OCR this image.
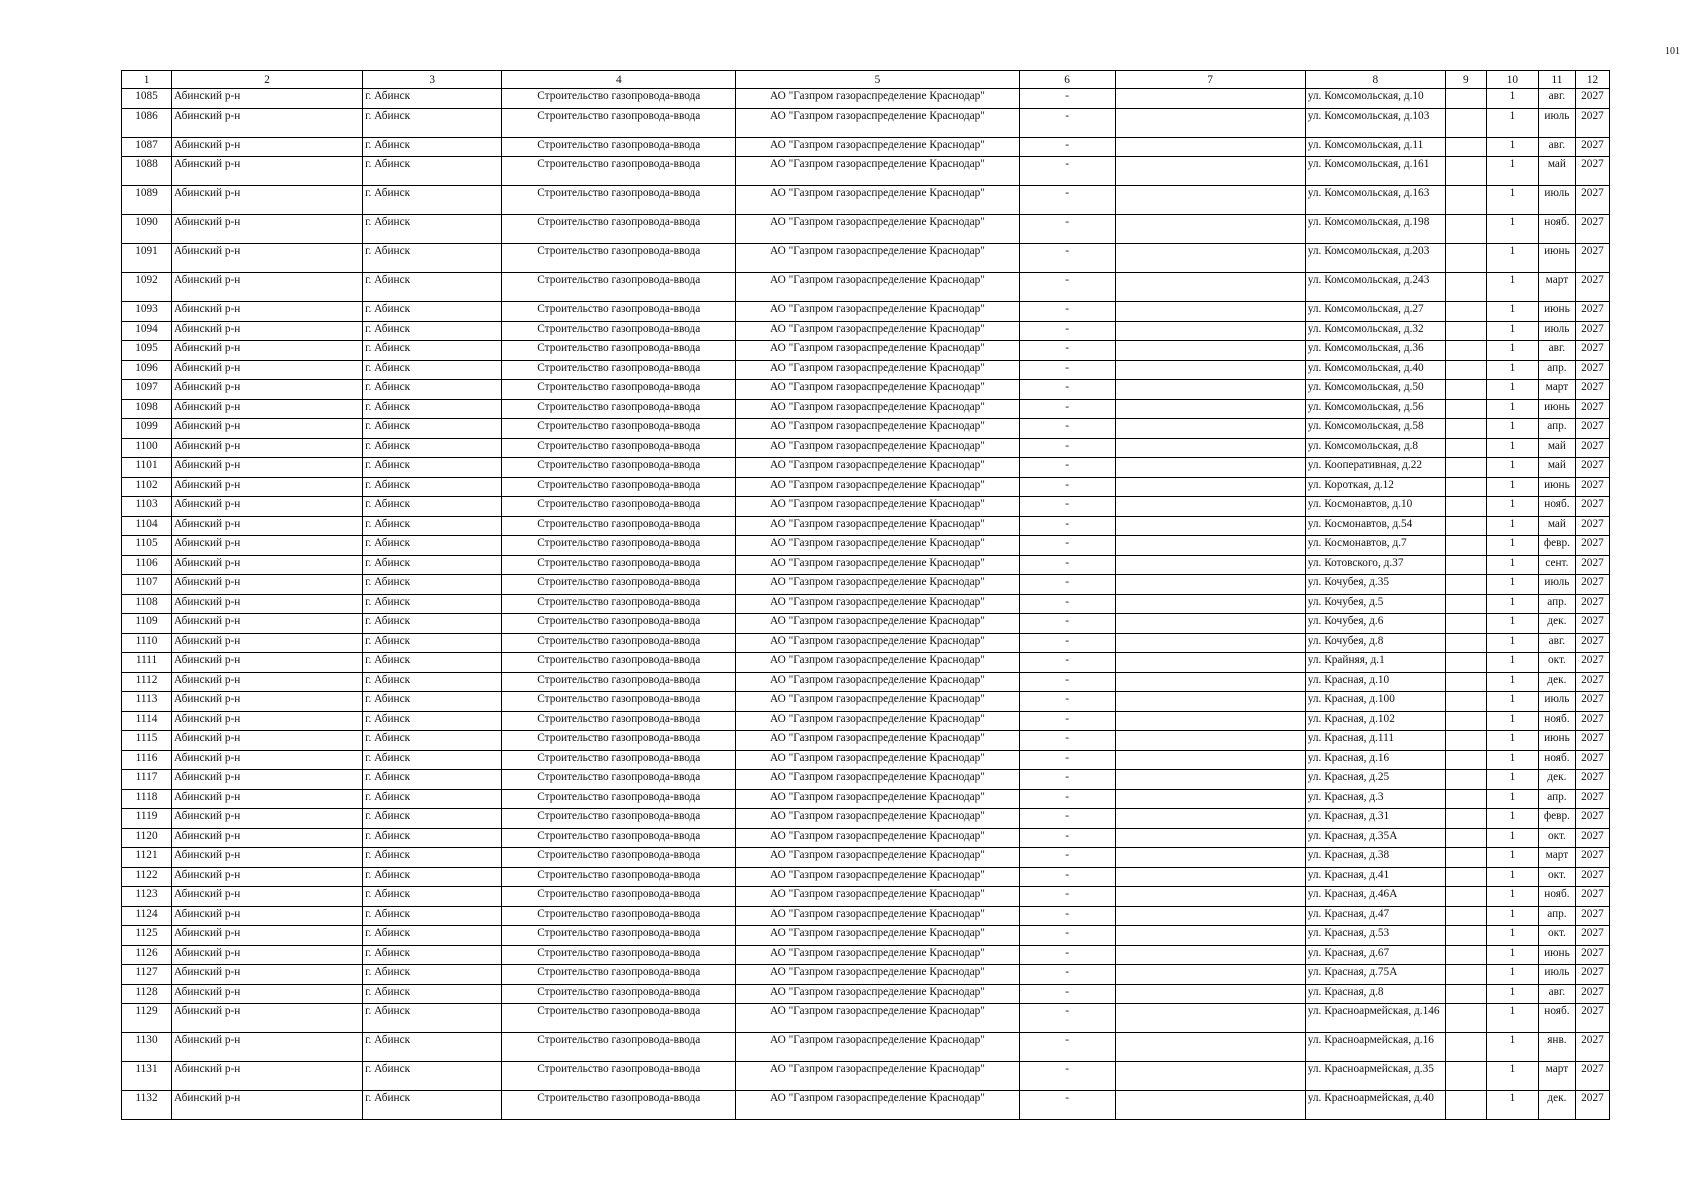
101
1	2	3	4	5	6	7	8	9	10	11	12
1085	Абинский р-н	г. Абинск	Строительство газопровода-ввода	АО "Газпром газораспределение Краснодар"	-		ул. Комсомольская, д.10		1	авг.	2027
1086	Абинский р-н	г. Абинск	Строительство газопровода-ввода	АО "Газпром газораспределение Краснодар"	-		ул. Комсомольская, д.103		1	июль	2027
1087	Абинский р-н	г. Абинск	Строительство газопровода-ввода	АО "Газпром газораспределение Краснодар"	-		ул. Комсомольская, д.11		1	авг.	2027
1088	Абинский р-н	г. Абинск	Строительство газопровода-ввода	АО "Газпром газораспределение Краснодар"	-		ул. Комсомольская, д.161		1	май	2027
1089	Абинский р-н	г. Абинск	Строительство газопровода-ввода	АО "Газпром газораспределение Краснодар"	-		ул. Комсомольская, д.163		1	июль	2027
1090	Абинский р-н	г. Абинск	Строительство газопровода-ввода	АО "Газпром газораспределение Краснодар"	-		ул. Комсомольская, д.198		1	нояб.	2027
1091	Абинский р-н	г. Абинск	Строительство газопровода-ввода	АО "Газпром газораспределение Краснодар"	-		ул. Комсомольская, д.203		1	июнь	2027
1092	Абинский р-н	г. Абинск	Строительство газопровода-ввода	АО "Газпром газораспределение Краснодар"	-		ул. Комсомольская, д.243		1	март	2027
1093	Абинский р-н	г. Абинск	Строительство газопровода-ввода	АО "Газпром газораспределение Краснодар"	-		ул. Комсомольская, д.27		1	июнь	2027
1094	Абинский р-н	г. Абинск	Строительство газопровода-ввода	АО "Газпром газораспределение Краснодар"	-		ул. Комсомольская, д.32		1	июль	2027
1095	Абинский р-н	г. Абинск	Строительство газопровода-ввода	АО "Газпром газораспределение Краснодар"	-		ул. Комсомольская, д.36		1	авг.	2027
1096	Абинский р-н	г. Абинск	Строительство газопровода-ввода	АО "Газпром газораспределение Краснодар"	-		ул. Комсомольская, д.40		1	апр.	2027
1097	Абинский р-н	г. Абинск	Строительство газопровода-ввода	АО "Газпром газораспределение Краснодар"	-		ул. Комсомольская, д.50		1	март	2027
1098	Абинский р-н	г. Абинск	Строительство газопровода-ввода	АО "Газпром газораспределение Краснодар"	-		ул. Комсомольская, д.56		1	июнь	2027
1099	Абинский р-н	г. Абинск	Строительство газопровода-ввода	АО "Газпром газораспределение Краснодар"	-		ул. Комсомольская, д.58		1	апр.	2027
1100	Абинский р-н	г. Абинск	Строительство газопровода-ввода	АО "Газпром газораспределение Краснодар"	-		ул. Комсомольская, д.8		1	май	2027
1101	Абинский р-н	г. Абинск	Строительство газопровода-ввода	АО "Газпром газораспределение Краснодар"	-		ул. Кооперативная, д.22		1	май	2027
1102	Абинский р-н	г. Абинск	Строительство газопровода-ввода	АО "Газпром газораспределение Краснодар"	-		ул. Короткая, д.12		1	июнь	2027
1103	Абинский р-н	г. Абинск	Строительство газопровода-ввода	АО "Газпром газораспределение Краснодар"	-		ул. Космонавтов, д.10		1	нояб.	2027
1104	Абинский р-н	г. Абинск	Строительство газопровода-ввода	АО "Газпром газораспределение Краснодар"	-		ул. Космонавтов, д.54		1	май	2027
1105	Абинский р-н	г. Абинск	Строительство газопровода-ввода	АО "Газпром газораспределение Краснодар"	-		ул. Космонавтов, д.7		1	февр.	2027
1106	Абинский р-н	г. Абинск	Строительство газопровода-ввода	АО "Газпром газораспределение Краснодар"	-		ул. Котовского, д.37		1	сент.	2027
1107	Абинский р-н	г. Абинск	Строительство газопровода-ввода	АО "Газпром газораспределение Краснодар"	-		ул. Кочубея, д.35		1	июль	2027
1108	Абинский р-н	г. Абинск	Строительство газопровода-ввода	АО "Газпром газораспределение Краснодар"	-		ул. Кочубея, д.5		1	апр.	2027
1109	Абинский р-н	г. Абинск	Строительство газопровода-ввода	АО "Газпром газораспределение Краснодар"	-		ул. Кочубея, д.6		1	дек.	2027
1110	Абинский р-н	г. Абинск	Строительство газопровода-ввода	АО "Газпром газораспределение Краснодар"	-		ул. Кочубея, д.8		1	авг.	2027
1111	Абинский р-н	г. Абинск	Строительство газопровода-ввода	АО "Газпром газораспределение Краснодар"	-		ул. Крайняя, д.1		1	окт.	2027
1112	Абинский р-н	г. Абинск	Строительство газопровода-ввода	АО "Газпром газораспределение Краснодар"	-		ул. Красная, д.10		1	дек.	2027
1113	Абинский р-н	г. Абинск	Строительство газопровода-ввода	АО "Газпром газораспределение Краснодар"	-		ул. Красная, д.100		1	июль	2027
1114	Абинский р-н	г. Абинск	Строительство газопровода-ввода	АО "Газпром газораспределение Краснодар"	-		ул. Красная, д.102		1	нояб.	2027
1115	Абинский р-н	г. Абинск	Строительство газопровода-ввода	АО "Газпром газораспределение Краснодар"	-		ул. Красная, д.111		1	июнь	2027
1116	Абинский р-н	г. Абинск	Строительство газопровода-ввода	АО "Газпром газораспределение Краснодар"	-		ул. Красная, д.16		1	нояб.	2027
1117	Абинский р-н	г. Абинск	Строительство газопровода-ввода	АО "Газпром газораспределение Краснодар"	-		ул. Красная, д.25		1	дек.	2027
1118	Абинский р-н	г. Абинск	Строительство газопровода-ввода	АО "Газпром газораспределение Краснодар"	-		ул. Красная, д.3		1	апр.	2027
1119	Абинский р-н	г. Абинск	Строительство газопровода-ввода	АО "Газпром газораспределение Краснодар"	-		ул. Красная, д.31		1	февр.	2027
1120	Абинский р-н	г. Абинск	Строительство газопровода-ввода	АО "Газпром газораспределение Краснодар"	-		ул. Красная, д.35А		1	окт.	2027
1121	Абинский р-н	г. Абинск	Строительство газопровода-ввода	АО "Газпром газораспределение Краснодар"	-		ул. Красная, д.38		1	март	2027
1122	Абинский р-н	г. Абинск	Строительство газопровода-ввода	АО "Газпром газораспределение Краснодар"	-		ул. Красная, д.41		1	окт.	2027
1123	Абинский р-н	г. Абинск	Строительство газопровода-ввода	АО "Газпром газораспределение Краснодар"	-		ул. Красная, д.46А		1	нояб.	2027
1124	Абинский р-н	г. Абинск	Строительство газопровода-ввода	АО "Газпром газораспределение Краснодар"	-		ул. Красная, д.47		1	апр.	2027
1125	Абинский р-н	г. Абинск	Строительство газопровода-ввода	АО "Газпром газораспределение Краснодар"	-		ул. Красная, д.53		1	окт.	2027
1126	Абинский р-н	г. Абинск	Строительство газопровода-ввода	АО "Газпром газораспределение Краснодар"	-		ул. Красная, д.67		1	июнь	2027
1127	Абинский р-н	г. Абинск	Строительство газопровода-ввода	АО "Газпром газораспределение Краснодар"	-		ул. Красная, д.75А		1	июль	2027
1128	Абинский р-н	г. Абинск	Строительство газопровода-ввода	АО "Газпром газораспределение Краснодар"	-		ул. Красная, д.8		1	авг.	2027
1129	Абинский р-н	г. Абинск	Строительство газопровода-ввода	АО "Газпром газораспределение Краснодар"	-		ул. Красноармейская, д.146		1	нояб.	2027
1130	Абинский р-н	г. Абинск	Строительство газопровода-ввода	АО "Газпром газораспределение Краснодар"	-		ул. Красноармейская, д.16		1	янв.	2027
1131	Абинский р-н	г. Абинск	Строительство газопровода-ввода	АО "Газпром газораспределение Краснодар"	-		ул. Красноармейская, д.35		1	март	2027
1132	Абинский р-н	г. Абинск	Строительство газопровода-ввода	АО "Газпром газораспределение Краснодар"	-		ул. Красноармейская, д.40		1	дек.	2027
